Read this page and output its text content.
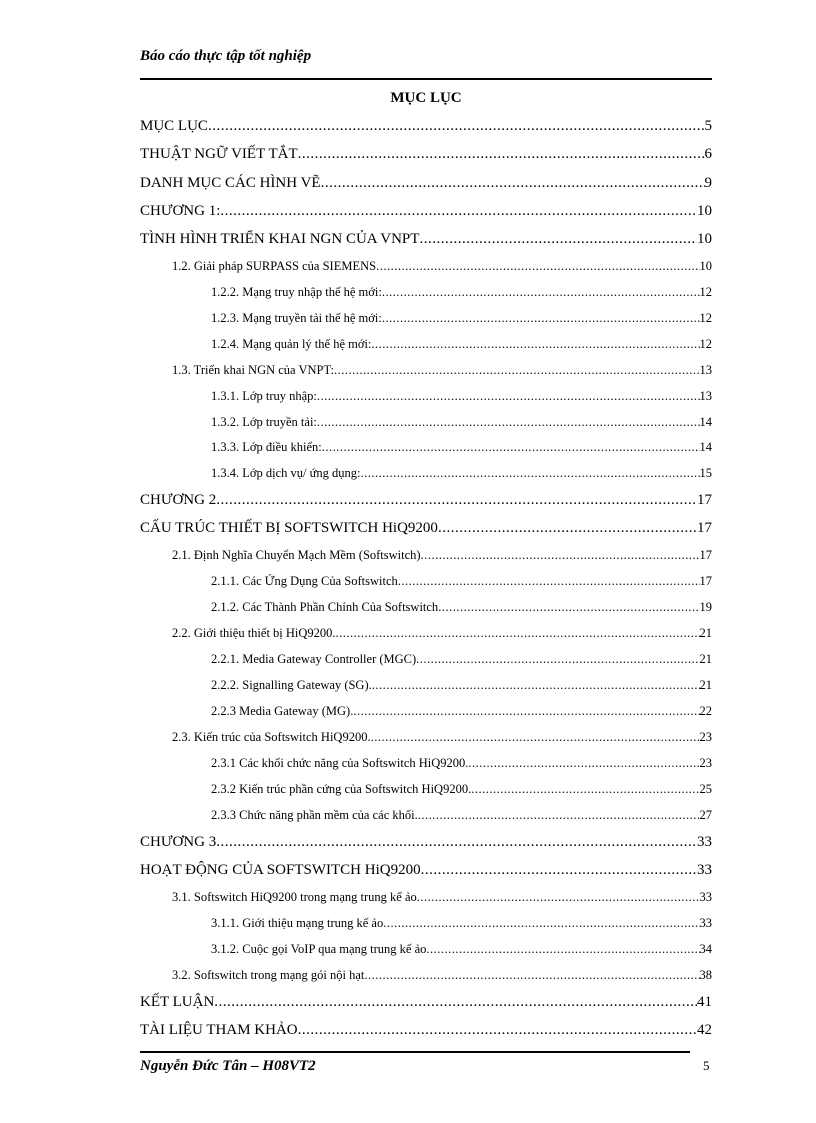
Báo cáo thực tập tốt nghiệp
MỤC LỤC
MỤC LỤC .....	5
THUẬT NGỮ VIẾT TẮT .....	6
DANH MỤC CÁC HÌNH VẼ .....	9
CHƯƠNG 1: .....	10
TÌNH HÌNH TRIỂN KHAI NGN CỦA VNPT .....	10
1.2. Giải pháp SURPASS của SIEMENS .....	10
1.2.2. Mạng truy nhập thế hệ mới: .....	12
1.2.3. Mạng truyền tải thế hệ mới: .....	12
1.2.4. Mạng quản lý thế hệ mới: .....	12
1.3. Triển khai NGN của VNPT: .....	13
1.3.1. Lớp truy nhập: .....	13
1.3.2. Lớp truyền tải: .....	14
1.3.3. Lớp điều khiển: .....	14
1.3.4. Lớp dịch vụ/ ứng dụng: .....	15
CHƯƠNG 2 .....	17
CẤU TRÚC THIẾT BỊ SOFTSWITCH HiQ9200 .....	17
2.1. Định Nghĩa Chuyển Mạch Mềm (Softswitch) .....	17
2.1.1. Các Ứng Dụng Của Softswitch .....	17
2.1.2. Các Thành Phần Chính Của Softswitch .....	19
2.2. Giới thiệu thiết bị HiQ9200. .....	21
2.2.1. Media Gateway Controller (MGC) .....	21
2.2.2. Signalling Gateway (SG). .....	21
2.2.3 Media Gateway (MG). .....	22
2.3. Kiến trúc của Softswitch HiQ9200. .....	23
2.3.1 Các khối chức năng của Softswitch HiQ9200. .....	23
2.3.2 Kiến trúc phần cứng của Softswitch HiQ9200. .....	25
2.3.3 Chức năng phần mềm của các khối. .....	27
CHƯƠNG 3 .....	33
HOẠT ĐỘNG CỦA SOFTSWITCH HiQ9200 .....	33
3.1. Softswitch HiQ9200 trong mạng trung kế ảo .....	33
3.1.1. Giới thiệu mạng trung kế ảo .....	33
3.1.2. Cuộc gọi VoIP qua mạng trung kế ảo .....	34
3.2. Softswitch trong mạng gói nội hạt .....	38
KẾT LUẬN .....	41
TÀI LIỆU THAM KHẢO .....	42
Nguyễn Đức Tân – H08VT2	5
